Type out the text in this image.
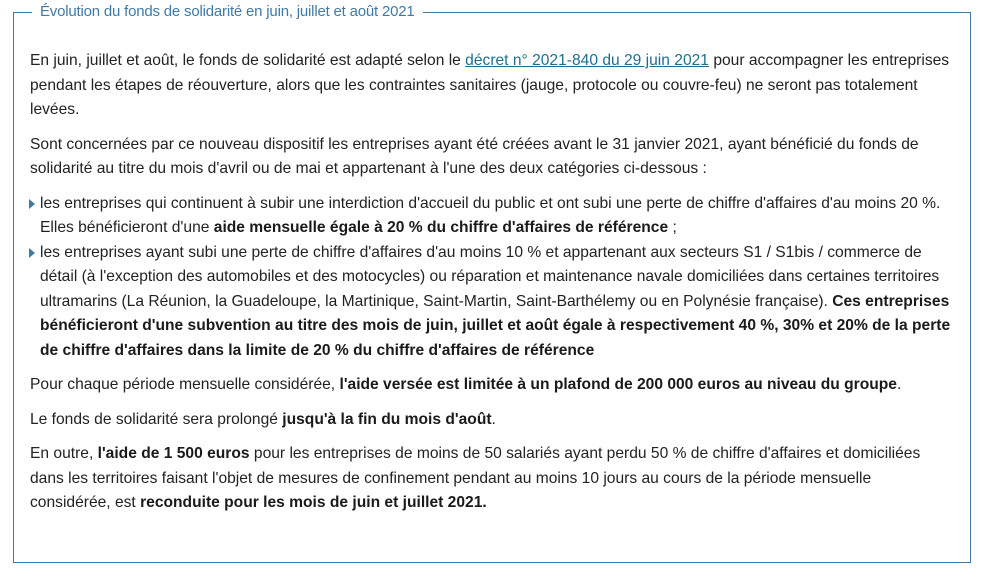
Évolution du fonds de solidarité en juin, juillet et août 2021

En juin, juillet et août, le fonds de solidarité est adapté selon le décret n° 2021-840 du 29 juin 2021 pour accompagner les entreprises pendant les étapes de réouverture, alors que les contraintes sanitaires (jauge, protocole ou couvre-feu) ne seront pas totalement levées.

Sont concernées par ce nouveau dispositif les entreprises ayant été créées avant le 31 janvier 2021, ayant bénéficié du fonds de solidarité au titre du mois d'avril ou de mai et appartenant à l'une des deux catégories ci-dessous :

les entreprises qui continuent à subir une interdiction d'accueil du public et ont subi une perte de chiffre d'affaires d'au moins 20 %. Elles bénéficieront d'une aide mensuelle égale à 20 % du chiffre d'affaires de référence ;
les entreprises ayant subi une perte de chiffre d'affaires d'au moins 10 % et appartenant aux secteurs S1 / S1bis / commerce de détail (à l'exception des automobiles et des motocycles) ou réparation et maintenance navale domiciliées dans certaines territoires ultramarins (La Réunion, la Guadeloupe, la Martinique, Saint-Martin, Saint-Barthélemy ou en Polynésie française). Ces entreprises bénéficieront d'une subvention au titre des mois de juin, juillet et août égale à respectivement 40 %, 30% et 20% de la perte de chiffre d'affaires dans la limite de 20 % du chiffre d'affaires de référence

Pour chaque période mensuelle considérée, l'aide versée est limitée à un plafond de 200 000 euros au niveau du groupe.

Le fonds de solidarité sera prolongé jusqu'à la fin du mois d'août.

En outre, l'aide de 1 500 euros pour les entreprises de moins de 50 salariés ayant perdu 50 % de chiffre d'affaires et domiciliées dans les territoires faisant l'objet de mesures de confinement pendant au moins 10 jours au cours de la période mensuelle considérée, est reconduite pour les mois de juin et juillet 2021.
